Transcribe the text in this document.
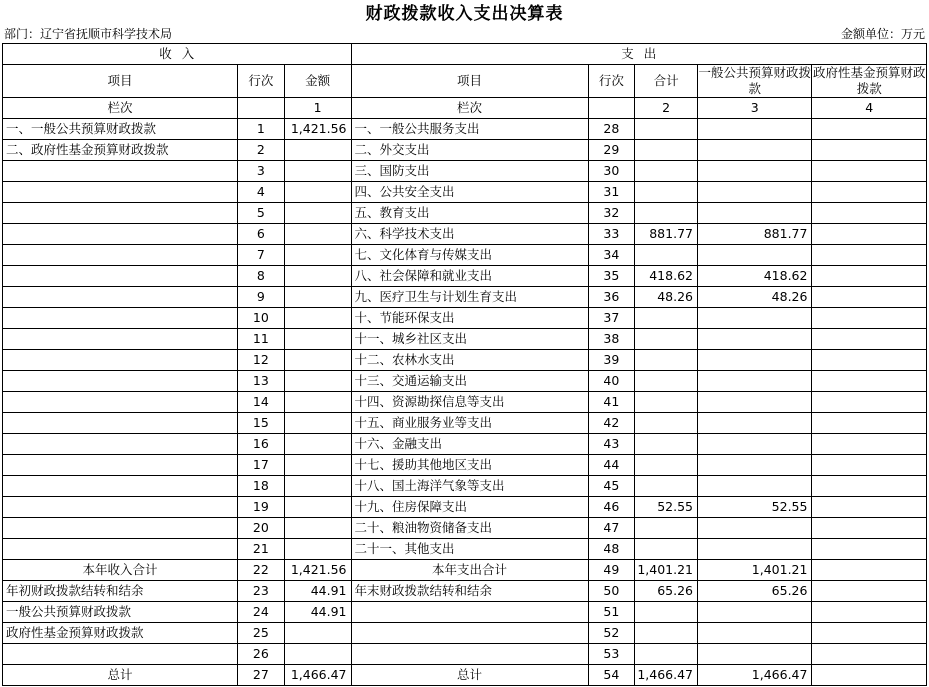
财政拨款收入支出决算表
部门：辽宁省抚顺市科学技术局	金额单位：万元
收入			支出				
项目	行次	金额	项目	行次	合计	一般公共预算财政拨款	政府性基金预算财政拨款
栏次		1	栏次		2	3	4
一、一般公共预算财政拨款	1	1,421.56	一、一般公共服务支出	28			
二、政府性基金预算财政拨款	2		二、外交支出	29			
	3		三、国防支出	30			
	4		四、公共安全支出	31			
	5		五、教育支出	32			
	6		六、科学技术支出	33	881.77	881.77	
	7		七、文化体育与传媒支出	34			
	8		八、社会保障和就业支出	35	418.62	418.62	
	9		九、医疗卫生与计划生育支出	36	48.26	48.26	
	10		十、节能环保支出	37			
	11		十一、城乡社区支出	38			
	12		十二、农林水支出	39			
	13		十三、交通运输支出	40			
	14		十四、资源勘探信息等支出	41			
	15		十五、商业服务业等支出	42			
	16		十六、金融支出	43			
	17		十七、援助其他地区支出	44			
	18		十八、国土海洋气象等支出	45			
	19		十九、住房保障支出	46	52.55	52.55	
	20		二十、粮油物资储备支出	47			
	21		二十一、其他支出	48			
本年收入合计	22	1,421.56	本年支出合计	49	1,401.21	1,401.21	
年初财政拨款结转和结余	23	44.91	年末财政拨款结转和结余	50	65.26	65.26	
一般公共预算财政拨款	24	44.91		51			
政府性基金预算财政拨款	25			52			
	26			53			
总计	27	1,466.47	总计	54	1,466.47	1,466.47	
